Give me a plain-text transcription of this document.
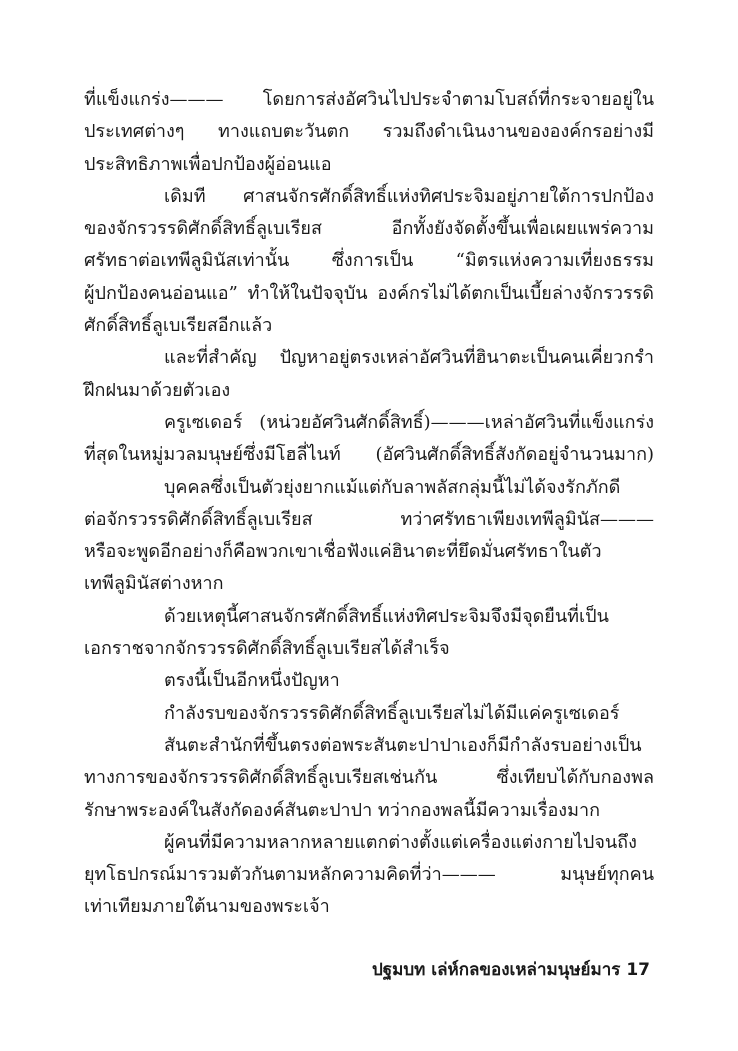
ที่แข็งแกร่ง——— โดยการส่งอัศวินไปประจำตามโบสถ์ที่กระจายอยู่ใน
ประเทศต่างๆ ทางแถบตะวันตก รวมถึงดำเนินงานขององค์กรอย่างมี
ประสิทธิภาพเพื่อปกป้องผู้อ่อนแอ
เดิมที ศาสนจักรศักดิ์สิทธิ์แห่งทิศประจิมอยู่ภายใต้การปกป้อง
ของจักรวรรดิศักดิ์สิทธิ์ลูเบเรียส อีกทั้งยังจัดตั้งขึ้นเพื่อเผยแพร่ความ
ศรัทธาต่อเทพีลูมินัสเท่านั้น ซึ่งการเป็น “มิตรแห่งความเที่ยงธรรม
ผู้ปกป้องคนอ่อนแอ” ทำให้ในปัจจุบัน องค์กรไม่ได้ตกเป็นเบี้ยล่างจักรวรรดิ
ศักดิ์สิทธิ์ลูเบเรียสอีกแล้ว
และที่สำคัญ ปัญหาอยู่ตรงเหล่าอัศวินที่ฮินาตะเป็นคนเคี่ยวกรำ
ฝึกฝนมาด้วยตัวเอง
ครูเซเดอร์ (หน่วยอัศวินศักดิ์สิทธิ์)———เหล่าอัศวินที่แข็งแกร่ง
ที่สุดในหมู่มวลมนุษย์ซึ่งมีโฮลี่ไนท์ (อัศวินศักดิ์สิทธิ์สังกัดอยู่จำนวนมาก)
บุคคลซึ่งเป็นตัวยุ่งยากแม้แต่กับลาพลัสกลุ่มนี้ไม่ได้จงรักภักดี
ต่อจักรวรรดิศักดิ์สิทธิ์ลูเบเรียส ทว่าศรัทธาเพียงเทพีลูมินัส———
หรือจะพูดอีกอย่างก็คือพวกเขาเชื่อฟังแค่ฮินาตะที่ยึดมั่นศรัทธาในตัว
เทพีลูมินัสต่างหาก
ด้วยเหตุนี้ศาสนจักรศักดิ์สิทธิ์แห่งทิศประจิมจึงมีจุดยืนที่เป็น
เอกราชจากจักรวรรดิศักดิ์สิทธิ์ลูเบเรียสได้สำเร็จ
ตรงนี้เป็นอีกหนึ่งปัญหา
กำลังรบของจักรวรรดิศักดิ์สิทธิ์ลูเบเรียสไม่ได้มีแค่ครูเซเดอร์
สันตะสำนักที่ขึ้นตรงต่อพระสันตะปาปาเองก็มีกำลังรบอย่างเป็น
ทางการของจักรวรรดิศักดิ์สิทธิ์ลูเบเรียสเช่นกัน ซึ่งเทียบได้กับกองพล
รักษาพระองค์ในสังกัดองค์สันตะปาปา ทว่ากองพลนี้มีความเรื่องมาก
ผู้คนที่มีความหลากหลายแตกต่างตั้งแต่เครื่องแต่งกายไปจนถึง
ยุทโธปกรณ์มารวมตัวกันตามหลักความคิดที่ว่า——— มนุษย์ทุกคน
เท่าเทียมภายใต้นามของพระเจ้า
ปฐมบท เล่ห์กลของเหล่ามนุษย์มาร 17
